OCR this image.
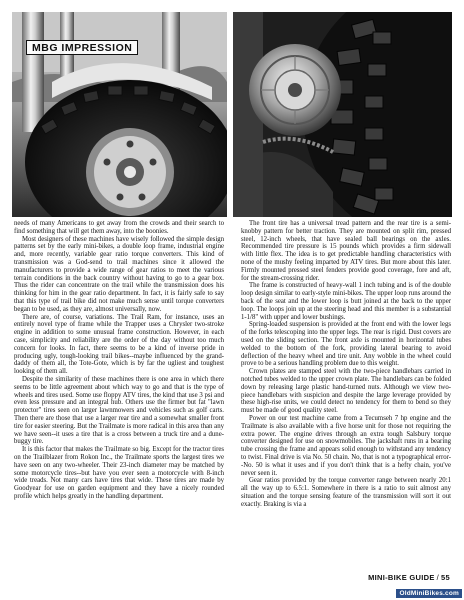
MBG IMPRESSION

needs of many Americans to get away from the crowds and their search to find something that will get them away, into the boonies.

Most designers of these machines have wisely followed the simple design patterns set by the early mini-bikes, a double loop frame, industrial engine and, more recently, variable gear ratio torque converters. This kind of transmission was a God-send to trail machines since it allowed the manufacturers to provide a wide range of gear ratios to meet the various terrain conditions in the back country without having to go to a gear box. Thus the rider can concentrate on the trail while the transmission does his thinking for him in the gear ratio department. In fact, it is fairly safe to say that this type of trail bike did not make much sense until torque converters began to be used, as they are, almost universally, now.

There are, of course, variations. The Trail Ram, for instance, uses an entirely novel type of frame while the Trapper uses a Chrysler two-stroke engine in addition to some unusual frame construction. However, in each case, simplicity and reliability are the order of the day without too much concern for looks. In fact, there seems to be a kind of inverse pride in producing ugly, tough-looking trail bikes--maybe influenced by the grand-daddy of them all, the Tote-Gote, which is by far the ugliest and toughest looking of them all.

Despite the similarity of these machines there is one area in which there seems to be little agreement about which way to go and that is the type of wheels and tires used. Some use floppy ATV tires, the kind that use 3 psi and even less pressure and an integral hub. Others use the firmer but fat "lawn protector" tires seen on larger lawnmowers and vehicles such as golf carts. Then there are those that use a larger rear tire and a somewhat smaller front tire for easier steering. But the Trailmate is more radical in this area than any we have seen--it uses a tire that is a cross between a truck tire and a dune-buggy tire.

It is this factor that makes the Trailmate so big. Except for the tractor tires on the Trailblazer from Rokon Inc., the Trailmate sports the largest tires we have seen on any two-wheeler. Their 23-inch diameter may be matched by some motorcycle tires--but have you ever seen a motorcycle with 8-inch wide treads. Not many cars have tires that wide. These tires are made by Goodyear for use on garden equipment and they have a nicely rounded profile which helps greatly in the handling department.

The front tire has a universal tread pattern and the rear tire is a semi-knobby pattern for better traction. They are mounted on split rim, pressed steel, 12-inch wheels, that have sealed ball bearings on the axles. Recommended tire pressure is 15 pounds which provides a firm sidewall with little flex. The idea is to get predictable handling characteristics with none of the mushy feeling imparted by ATV tires. But more about this later. Firmly mounted pressed steel fenders provide good coverage, fore and aft, for the stream-crossing rider.

The frame is constructed of heavy-wall 1 inch tubing and is of the double loop design similar to early-style mini-bikes. The upper loop runs around the back of the seat and the lower loop is butt joined at the back to the upper loop. The loops join up at the steering head and this member is a substantial 1-1/8" with upper and lower bushings.

Spring-loaded suspension is provided at the front end with the lower legs of the forks telescoping into the upper legs. The rear is rigid. Dust covers are used on the sliding section. The front axle is mounted in horizontal tubes welded to the bottom of the fork, providing lateral bearing to avoid deflection of the heavy wheel and tire unit. Any wobble in the wheel could prove to be a serious handling problem due to this weight.

Crown plates are stamped steel with the two-piece handlebars carried in notched tubes welded to the upper crown plate. The handlebars can be folded down by releasing large plastic hand-turned nuts. Although we view two-piece handlebars with suspicion and despite the large leverage provided by these high-rise units, we could detect no tendency for them to bend so they must be made of good quality steel.

Power on our test machine came from a Tecumseh 7 hp engine and the Trailmate is also available with a five horse unit for those not requiring the extra power. The engine drives through an extra tough Salsbury torque converter designed for use on snowmobiles. The jackshaft runs in a bearing tube crossing the frame and appears solid enough to withstand any tendency to twist. Final drive is via No. 50 chain. No, that is not a typographical error--No. 50 is what it uses and if you don't think that is a hefty chain, you've never seen it.

Gear ratios provided by the torque converter range between nearly 20:1 all the way up to 6.5:1. Somewhere in there is a ratio to suit almost any situation and the torque sensing feature of the transmission will sort it out exactly. Braking is via a

MINI-BIKE GUIDE / 55
OldMiniBikes.com
